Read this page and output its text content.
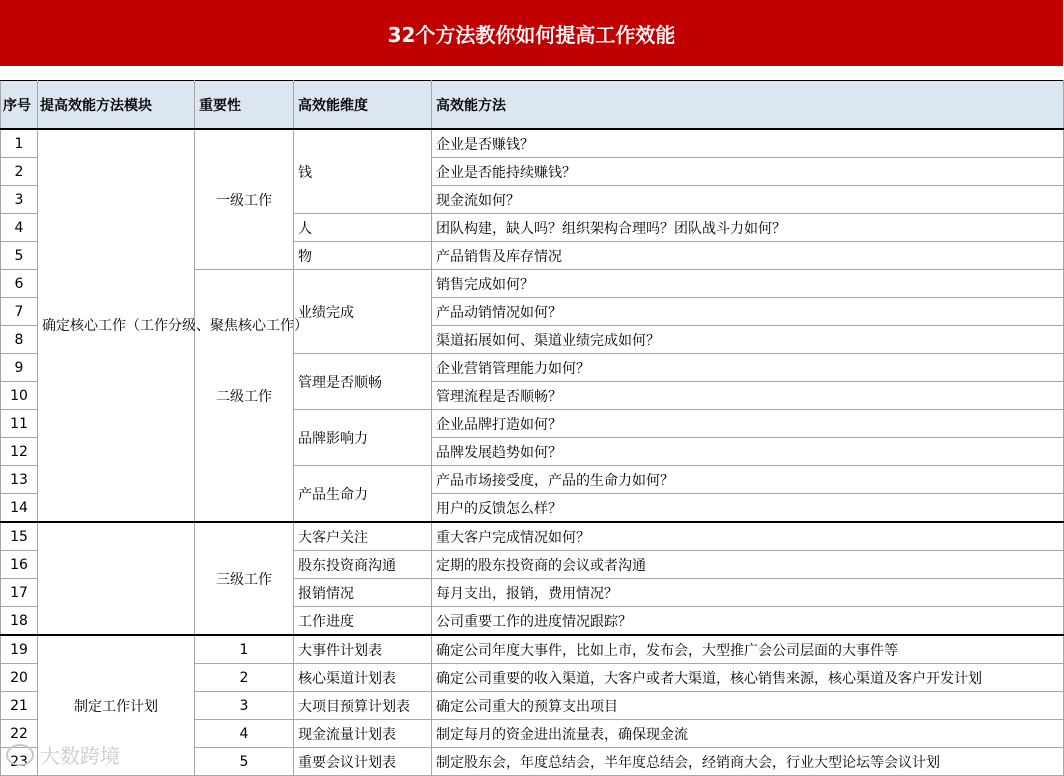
32个方法教你如何提高工作效能
序号	提高效能方法模块	重要性	高效能维度	高效能方法
1	确定核心工作（工作分级、聚焦核心工作）	一级工作	钱	企业是否赚钱？
2				企业是否能持续赚钱？
3				现金流如何？
4			人	团队构建，缺人吗？组织架构合理吗？团队战斗力如何？
5			物	产品销售及库存情况
6		二级工作	业绩完成	销售完成如何？
7				产品动销情况如何？
8				渠道拓展如何、渠道业绩完成如何？
9			管理是否顺畅	企业营销管理能力如何？
10				管理流程是否顺畅？
11			品牌影响力	企业品牌打造如何？
12				品牌发展趋势如何？
13			产品生命力	产品市场接受度，产品的生命力如何？
14				用户的反馈怎么样？
15		三级工作	大客户关注	重大客户完成情况如何？
16			股东投资商沟通	定期的股东投资商的会议或者沟通
17			报销情况	每月支出，报销，费用情况？
18			工作进度	公司重要工作的进度情况跟踪？
19	制定工作计划	1	大事件计划表	确定公司年度大事件，比如上市，发布会，大型推广会公司层面的大事件等
20		2	核心渠道计划表	确定公司重要的收入渠道，大客户或者大渠道，核心销售来源，核心渠道及客户开发计划
21		3	大项目预算计划表	确定公司重大的预算支出项目
22		4	现金流量计划表	制定每月的资金进出流量表，确保现金流
23		5	重要会议计划表	制定股东会，年度总结会，半年度总结会，经销商大会，行业大型论坛等会议计划
大数跨境
